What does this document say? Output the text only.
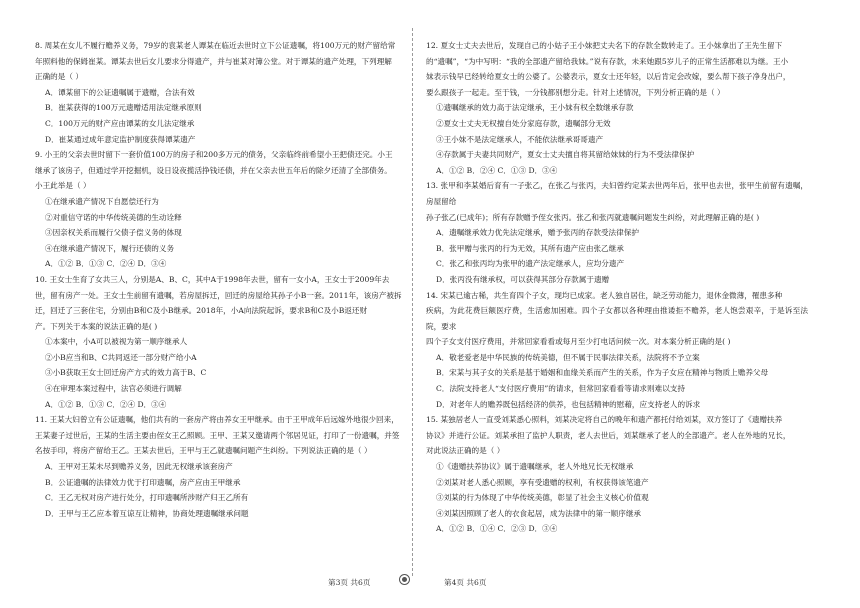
8. 周某在女儿不履行赡养义务，79岁的袁某老人谭某在临近去世时立下公证遗嘱，将100万元的财产留给常

年照料他的保姆崔某。谭某去世后女儿要求分得遗产，并与崔某对簿公堂。对于谭某的遗产处理，下列理解

正确的是（ ）

A．谭某留下的公证遗嘱属于遗赠，合法有效

B．崔某获得的100万元遗赠适用法定继承原则

C．100万元的财产应由谭某的女儿法定继承

D．崔某通过成年意定监护制度获得谭某遗产

9. 小王的父亲去世时留下一套价值100万的房子和200多万元的债务，父亲临终前希望小王把债还完。小王

继承了该房子，但通过学开挖掘机，设日设夜揽活挣钱还债，并在父亲去世五年后的除夕还清了全部债务。

小王此举是（ ）

①在继承遗产情况下自愿偿还行为

②对重信守诺的中华传统美德的生动诠释

③因亲权关系而履行父债子偿义务的体现

④在继承遗产情况下，履行还债的义务

A．①② B．①③ C．②④ D．③④

10. 王女士生育了女共三人，分别是A、B、C，其中A于1998年去世，留有一女小A，王女士于2009年去

世，留有房产一处。王女士生前留有遗嘱，若房屋拆迁，回迁的房屋给其孙子小B一套。2011年，该房产被拆

迁，回迁了三套住宅，分别由B和C及小B继承。2018年，小A向法院起诉，要求B和C及小B返还财

产。下列关于本案的说法正确的是( )

①本案中，小A可以被视为第一顺序继承人

②小B应当和B、C共同返还一部分财产给小A

③小B获取王女士回迁房产方式的效力高于B、C

④在审理本案过程中，法官必须进行调解

A．①② B．①③ C．②④ D．③④

11. 王某大妇曾立有公证遗嘱，他们共有的一套房产将由养女王甲继承。由于王甲成年后远嫁外地很少回来，

王某妻子过世后，王某的生活主要由侄女王乙照顾。王甲、王某又邀请两个邻居见证，打印了一份遗嘱，并签

名按手印，将房产留给王乙。王某去世后，王甲与王乙就遗嘱问题产生纠纷。下列说法正确的是（ ）

A．王甲对王某未尽到赡养义务，因此无权继承该套房产

B．公证遗嘱的法律效力优于打印遗嘱，房产应由王甲继承

C．王乙无权对房产进行处分，打印遗嘱所涉财产归王乙所有

D．王甲与王乙应本着互谅互让精神，协商处理遗嘱继承问题

12. 夏女士丈夫去世后，发现自己的小姑子王小妹把丈夫名下的存款全数转走了。王小妹拿出了王先生留下

的“遗嘱”，“为中写明：“我的全部遗产留给我妹。”说有存款，未来她跟5岁儿子的正常生活都难以为继。王小

妹表示钱早已经转给夏女士的公婆了。公婆表示，夏女士还年轻，以后肯定会改嫁，要么帮下孩子净身出户，

要么跟孩子一起走。至于钱，一分钱都别想分走。针对上述情况，下列分析正确的是（ ）

①遗嘱继承的效力高于法定继承，王小妹有权全数继承存款

②夏女士丈夫无权擅自处分家庭存款，遗嘱部分无效

③王小妹不是法定继承人，不能依法继承哥哥遗产

④存款属于夫妻共同财产，夏女士丈夫擅自将其留给妹妹的行为不受法律保护

A．①② B．②④ C．①③ D．③④

13. 张甲和李某婚后育有一子张乙，在张乙与张丙，夫妇曾约定某去世两年后，张甲也去世，张甲生前留有遗嘱，房屋留给

孙子张乙(已成年)；所有存款赠予侄女张丙。张乙和张丙就遗嘱问题发生纠纷，对此理解正确的是( )

A．遗嘱继承效力优先法定继承，赠予张丙的存款受法律保护

B．张甲赠与张丙的行为无效，其所有遗产应由张乙继承

C．张乙和张丙均为张甲的遗产法定继承人，应均分遗产

D．张丙没有继承权，可以获得其部分存款属于遗赠

14. 宋某已逾古稀，共生育四个子女，现均已成家。老人独自居住，缺乏劳动能力，退休金微薄，罹患多种

疾病，为此花费巨额医疗费，生活愈加困难。四个子女都以各种理由推诿拒不赡养，老人饱尝艰辛，于是诉至法院，要求

四个子女支付医疗费用，并常回家看看或每月至少打电话问候一次。对本案分析正确的是( )

A．敬老爱老是中华民族的传统美德，但不属于民事法律关系，法院将不予立案

B．宋某与其子女的关系是基于婚姻和血缘关系而产生的关系，作为子女应在精神与物质上赡养父母

C．法院支持老人“支付医疗费用”的请求，但常回家看看等请求则难以支持

D．对老年人的赡养既包括经济的供养，也包括精神的慰藉，应支持老人的诉求

15. 某独居老人一直受刘某悉心照料，刘某决定将自己的晚年和遗产都托付给刘某，双方签订了《遗赠扶养

协议》并进行公证。刘某承担了监护人职责，老人去世后，刘某继承了老人的全部遗产。老人在外地的兄长，

对此说法正确的是（ ）

①《遗赠扶养协议》属于遗嘱继承，老人外地兄长无权继承

②刘某对老人悉心照顾，享有受遗赠的权利，有权获得该笔遗产

③刘某的行为体现了中华传统美德，彰显了社会主义核心价值观

④刘某因照顾了老人的衣食起居，成为法律中的第一顺序继承

A．①② B．①④ C．②③ D．③④

第3页 共6页	第4页 共6页
